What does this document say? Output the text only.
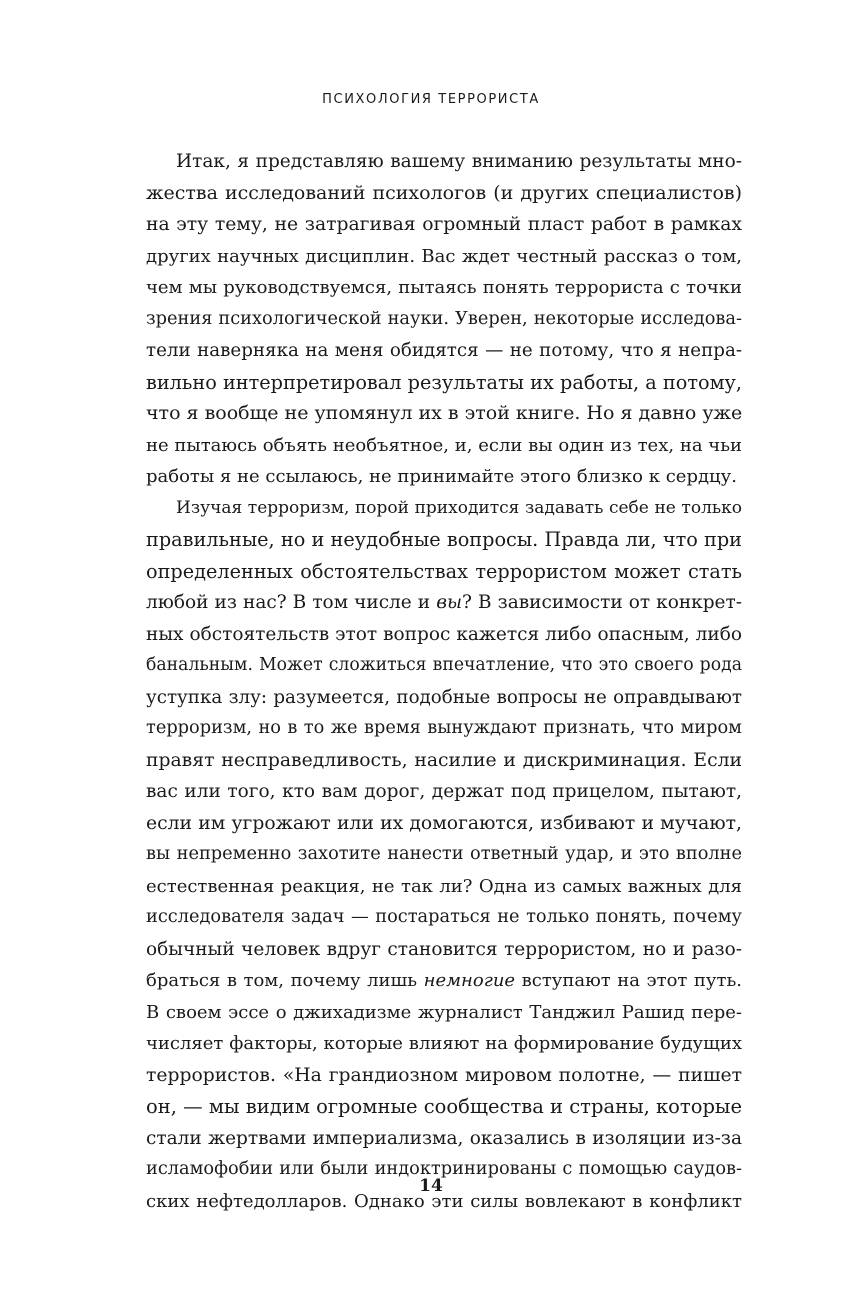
ПСИХОЛОГИЯ ТЕРРОРИСТА
Итак, я представляю вашему вниманию результаты мно-
жества исследований психологов (и других специалистов)
на эту тему, не затрагивая огромный пласт работ в рамках
других научных дисциплин. Вас ждет честный рассказ о том,
чем мы руководствуемся, пытаясь понять террориста с точки
зрения психологической науки. Уверен, некоторые исследова-
тели наверняка на меня обидятся — не потому, что я непра-
вильно интерпретировал результаты их работы, а потому,
что я вообще не упомянул их в этой книге. Но я давно уже
не пытаюсь объять необъятное, и, если вы один из тех, на чьи
работы я не ссылаюсь, не принимайте этого близко к сердцу.
Изучая терроризм, порой приходится задавать себе не только
правильные, но и неудобные вопросы. Правда ли, что при
определенных обстоятельствах террористом может стать
любой из нас? В том числе и вы? В зависимости от конкрет-
ных обстоятельств этот вопрос кажется либо опасным, либо
банальным. Может сложиться впечатление, что это своего рода
уступка злу: разумеется, подобные вопросы не оправдывают
терроризм, но в то же время вынуждают признать, что миром
правят несправедливость, насилие и дискриминация. Если
вас или того, кто вам дорог, держат под прицелом, пытают,
если им угрожают или их домогаются, избивают и мучают,
вы непременно захотите нанести ответный удар, и это вполне
естественная реакция, не так ли? Одна из самых важных для
исследователя задач — постараться не только понять, почему
обычный человек вдруг становится террористом, но и разо-
браться в том, почему лишь немногие вступают на этот путь.
В своем эссе о джихадизме журналист Танджил Рашид пере-
числяет факторы, которые влияют на формирование будущих
террористов. «На грандиозном мировом полотне, — пишет
он, — мы видим огромные сообщества и страны, которые
стали жертвами империализма, оказались в изоляции из-за
исламофобии или были индоктринированы с помощью саудов-
ских нефтедолларов. Однако эти силы вовлекают в конфликт
14
